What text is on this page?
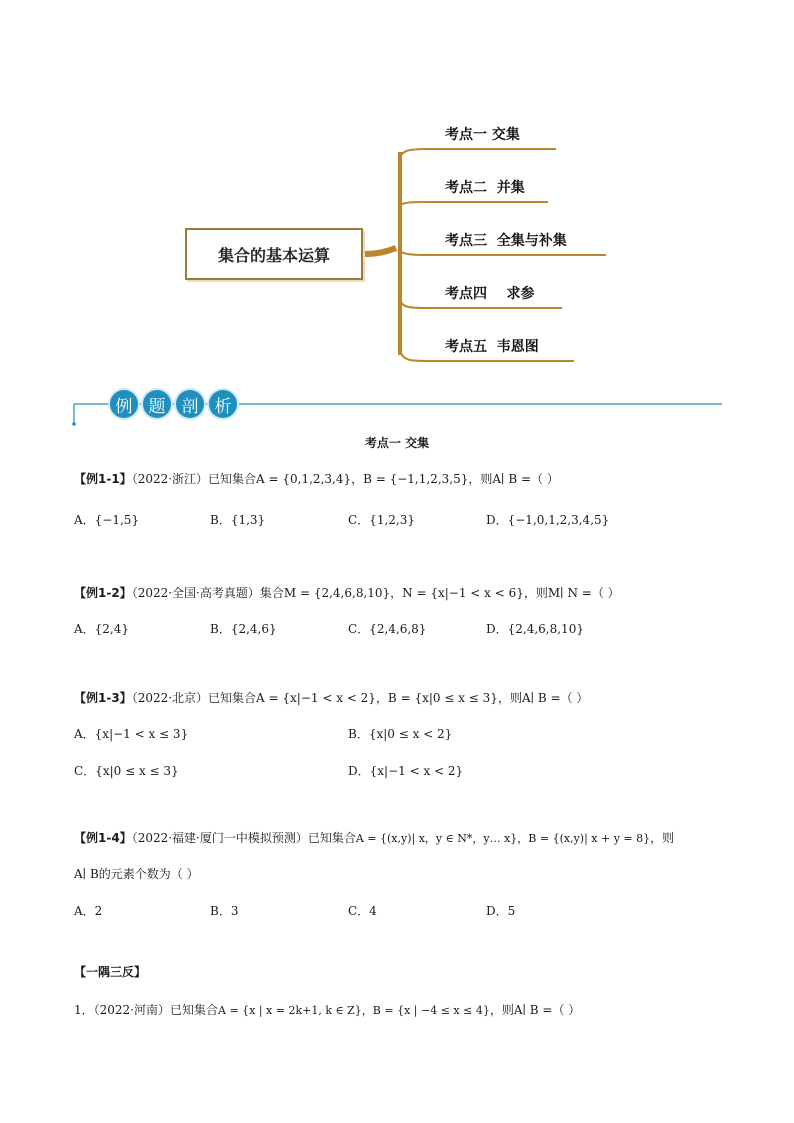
集合的基本运算
考点一 交集
考点二  并集
考点三  全集与补集
考点四    求参
考点五  韦恩图
例 题 剖 析
考点一 交集
【例1-1】（2022·浙江）已知集合A = {0,1,2,3,4}，B = {−1,1,2,3,5}，则A∣ B =（ ）
A．{−1,5}	B．{1,3}	C．{1,2,3}	D．{−1,0,1,2,3,4,5}
【例1-2】（2022·全国·高考真题）集合M = {2,4,6,8,10}，N = {x|−1 < x < 6}，则M∣ N =（ ）
A．{2,4}	B．{2,4,6}	C．{2,4,6,8}	D．{2,4,6,8,10}
【例1-3】（2022·北京）已知集合A = {x|−1 < x < 2}，B = {x|0 ≤ x ≤ 3}，则A∣ B =（ ）
A．{x|−1 < x ≤ 3}	B．{x|0 ≤ x < 2}
C．{x|0 ≤ x ≤ 3}	D．{x|−1 < x < 2}
【例1-4】（2022·福建·厦门一中模拟预测）已知集合A = {(x,y)| x，y ∈ N*，y… x}，B = {(x,y)| x + y = 8}，则
A∣ B的元素个数为（ ）
A．2	B．3	C．4	D．5
【一隅三反】
1．（2022·河南）已知集合A = {x | x = 2k+1, k ∈ Z}，B = {x | −4 ≤ x ≤ 4}，则A∣ B =（ ）
